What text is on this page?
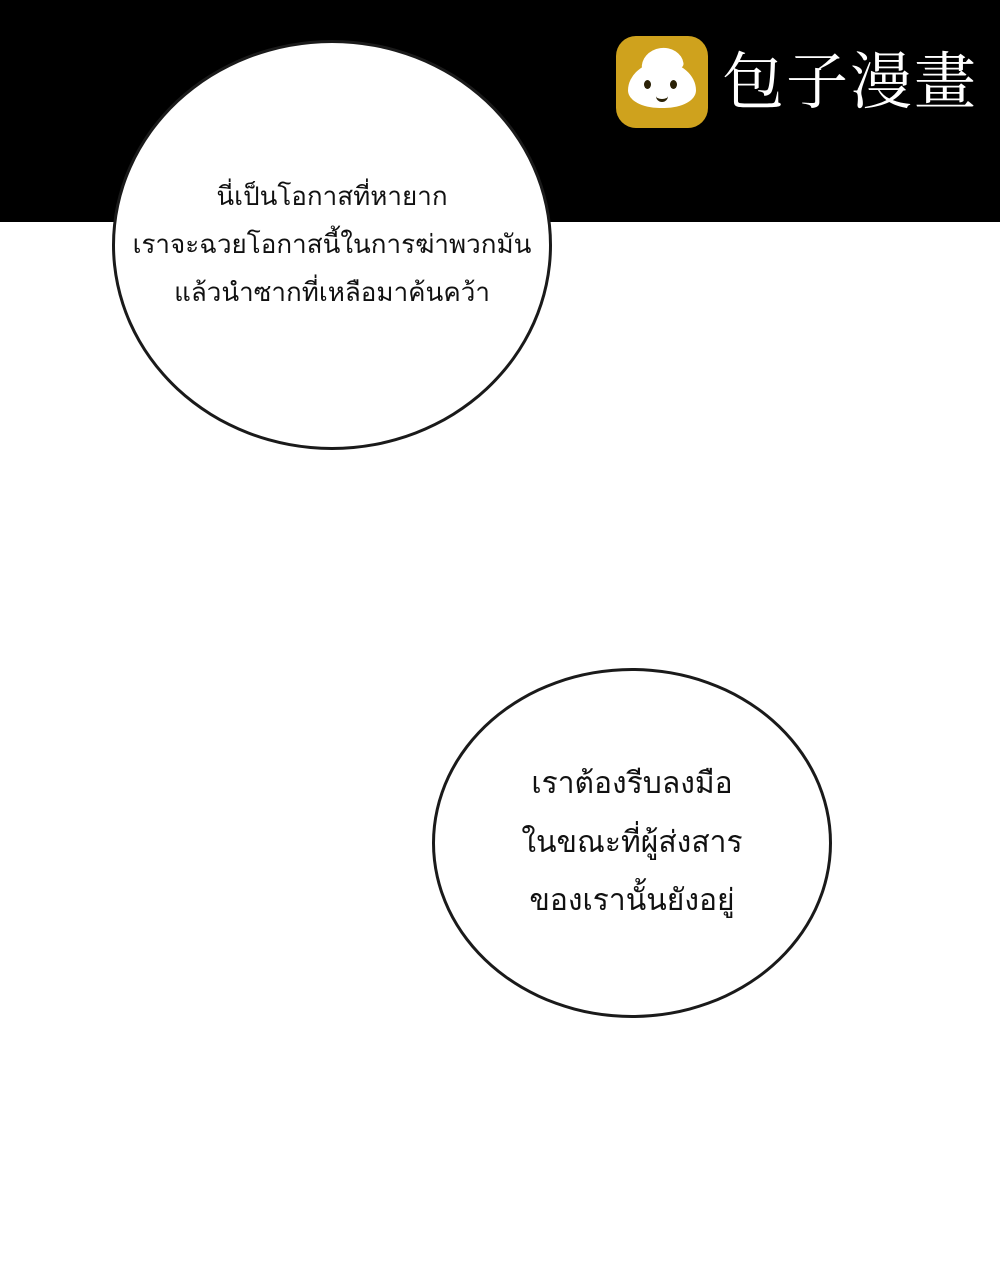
包子漫畫
นี่เป็นโอกาสที่หายาก
เราจะฉวยโอกาสนี้ในการฆ่าพวกมัน
แล้วนำซากที่เหลือมาค้นคว้า
เราต้องรีบลงมือ
ในขณะที่ผู้ส่งสาร
ของเรานั้นยังอยู่
